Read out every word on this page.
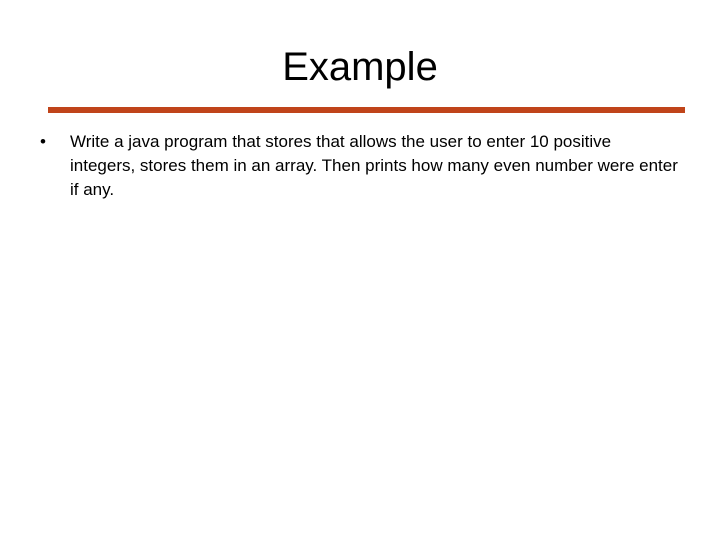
Example
•	Write a java program that stores that allows the user to enter 10 positive integers, stores them in an array. Then prints how many even number were enter if any.
